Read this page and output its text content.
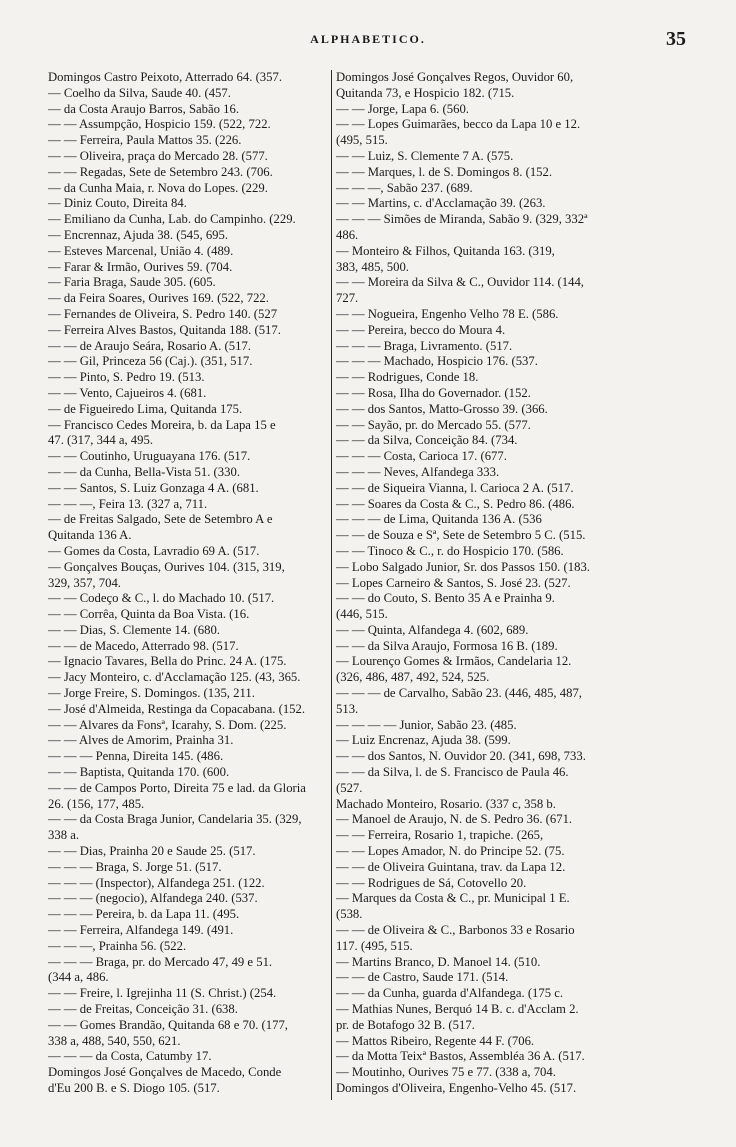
ALPHABETICO.	35
Domingos Castro Peixoto, Atterrado 64. (357.
— Coelho da Silva, Saude 40. (457.
— da Costa Araujo Barros, Sabão 16.
— — Assumpção, Hospicio 159. (522, 722.
— — Ferreira, Paula Mattos 35. (226.
— — Oliveira, praça do Mercado 28. (577.
— — Regadas, Sete de Setembro 243. (706.
— da Cunha Maia, r. Nova do Lopes. (229.
— Diniz Couto, Direita 84.
— Emiliano da Cunha, Lab. do Campinho. (229.
— Encrennaz, Ajuda 38. (545, 695.
— Esteves Marcenal, União 4. (489.
— Farar & Irmão, Ourives 59. (704.
— Faria Braga, Saude 305. (605.
— da Feira Soares, Ourives 169. (522, 722.
— Fernandes de Oliveira, S. Pedro 140. (527
— Ferreira Alves Bastos, Quitanda 188. (517.
— — de Araujo Seára, Rosario A. (517.
— — Gil, Princeza 56 (Caj.). (351, 517.
— — Pinto, S. Pedro 19. (513.
— — Vento, Cajueiros 4. (681.
— de Figueiredo Lima, Quitanda 175.
— Francisco Cedes Moreira, b. da Lapa 15 e
47. (317, 344 a, 495.
— — Coutinho, Uruguayana 176. (517.
— — da Cunha, Bella-Vista 51. (330.
— — Santos, S. Luiz Gonzaga 4 A. (681.
— — —, Feira 13. (327 a, 711.
— de Freitas Salgado, Sete de Setembro A e
Quitanda 136 A.
— Gomes da Costa, Lavradio 69 A. (517.
— Gonçalves Bouças, Ourives 104. (315, 319,
329, 357, 704.
— — Codeço & C., l. do Machado 10. (517.
— — Corrêa, Quinta da Boa Vista. (16.
— — Dias, S. Clemente 14. (680.
— — de Macedo, Atterrado 98. (517.
— Ignacio Tavares, Bella do Princ. 24 A. (175.
— Jacy Monteiro, c. d'Acclamação 125. (43, 365.
— Jorge Freire, S. Domingos. (135, 211.
— José d'Almeida, Restinga da Copacabana. (152.
— — Alvares da Fonsª, Icarahy, S. Dom. (225.
— — Alves de Amorim, Prainha 31.
— — — Penna, Direita 145. (486.
— — Baptista, Quitanda 170. (600.
— — de Campos Porto, Direita 75 e lad. da Gloria
26. (156, 177, 485.
— — da Costa Braga Junior, Candelaria 35. (329,
338 a.
— — Dias, Prainha 20 e Saude 25. (517.
— — — Braga, S. Jorge 51. (517.
— — — (Inspector), Alfandega 251. (122.
— — — (negocio), Alfandega 240. (537.
— — — Pereira, b. da Lapa 11. (495.
— — Ferreira, Alfandega 149. (491.
— — —, Prainha 56. (522.
— — — Braga, pr. do Mercado 47, 49 e 51.
(344 a, 486.
— — Freire, l. Igrejinha 11 (S. Christ.) (254.
— — de Freitas, Conceição 31. (638.
— — Gomes Brandão, Quitanda 68 e 70. (177,
338 a, 488, 540, 550, 621.
— — — da Costa, Catumby 17.
Domingos José Gonçalves de Macedo, Conde
d'Eu 200 B. e S. Diogo 105. (517.
Domingos José Gonçalves Regos, Ouvidor 60,
Quitanda 73, e Hospicio 182. (715.
— — Jorge, Lapa 6. (560.
— — Lopes Guimarães, becco da Lapa 10 e 12.
(495, 515.
— — Luiz, S. Clemente 7 A. (575.
— — Marques, l. de S. Domingos 8. (152.
— — —, Sabão 237. (689.
— — Martins, c. d'Acclamação 39. (263.
— — — Simões de Miranda, Sabão 9. (329, 332ª
486.
— Monteiro & Filhos, Quitanda 163. (319,
383, 485, 500.
— — Moreira da Silva & C., Ouvidor 114. (144,
727.
— — Nogueira, Engenho Velho 78 E. (586.
— — Pereira, becco do Moura 4.
— — — Braga, Livramento. (517.
— — — Machado, Hospicio 176. (537.
— — Rodrigues, Conde 18.
— — Rosa, Ilha do Governador. (152.
— — dos Santos, Matto-Grosso 39. (366.
— — Sayão, pr. do Mercado 55. (577.
— — da Silva, Conceição 84. (734.
— — — Costa, Carioca 17. (677.
— — — Neves, Alfandega 333.
— — de Siqueira Vianna, l. Carioca 2 A. (517.
— — Soares da Costa & C., S. Pedro 86. (486.
— — — de Lima, Quitanda 136 A. (536
— — de Souza e Sª, Sete de Setembro 5 C. (515.
— — Tinoco & C., r. do Hospicio 170. (586.
— Lobo Salgado Junior, Sr. dos Passos 150. (183.
— Lopes Carneiro & Santos, S. José 23. (527.
— — do Couto, S. Bento 35 A e Prainha 9.
(446, 515.
— — Quinta, Alfandega 4. (602, 689.
— — da Silva Araujo, Formosa 16 B. (189.
— Lourenço Gomes & Irmãos, Candelaria 12.
(326, 486, 487, 492, 524, 525.
— — — de Carvalho, Sabão 23. (446, 485, 487,
513.
— — — — Junior, Sabão 23. (485.
— Luiz Encrenaz, Ajuda 38. (599.
— — dos Santos, N. Ouvidor 20. (341, 698, 733.
— — da Silva, l. de S. Francisco de Paula 46.
(527.
Machado Monteiro, Rosario. (337 c, 358 b.
— Manoel de Araujo, N. de S. Pedro 36. (671.
— — Ferreira, Rosario 1, trapiche. (265,
— — Lopes Amador, N. do Principe 52. (75.
— — de Oliveira Guintana, trav. da Lapa 12.
— — Rodrigues de Sá, Cotovello 20.
— Marques da Costa & C., pr. Municipal 1 E.
(538.
— — de Oliveira & C., Barbonos 33 e Rosario
117. (495, 515.
— Martins Branco, D. Manoel 14. (510.
— — de Castro, Saude 171. (514.
— — da Cunha, guarda d'Alfandega. (175 c.
— Mathias Nunes, Berquó 14 B. c. d'Acclam 2.
pr. de Botafogo 32 B. (517.
— Mattos Ribeiro, Regente 44 F. (706.
— da Motta Teixª Bastos, Assembléa 36 A. (517.
— Moutinho, Ourives 75 e 77. (338 a, 704.
Domingos d'Oliveira, Engenho-Velho 45. (517.
